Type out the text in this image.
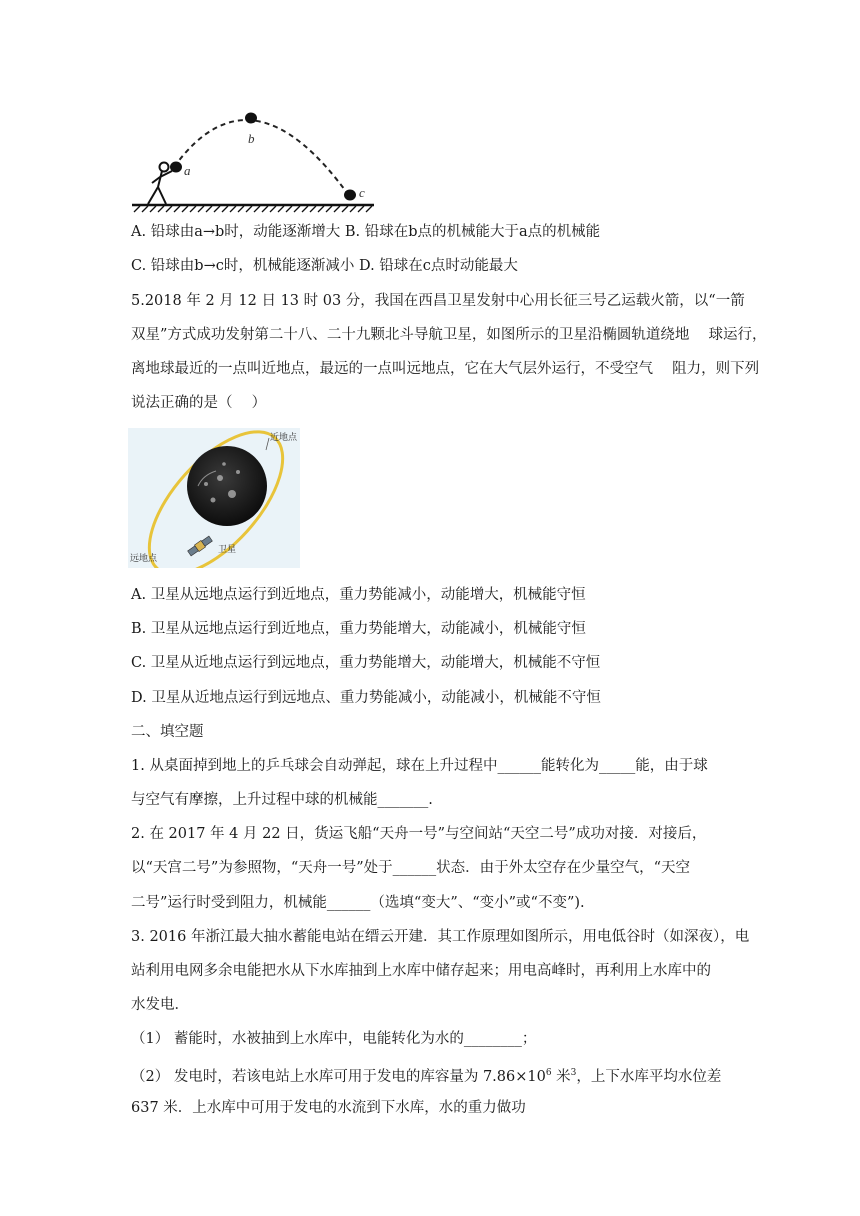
a
b
c
A. 铅球由a→b时，动能逐渐增大 B. 铅球在b点的机械能大于a点的机械能
C. 铅球由b→c时，机械能逐渐减小 D. 铅球在c点时动能最大
5.2018 年 2 月 12 日 13 时 03 分，我国在西昌卫星发射中心用长征三号乙运载火箭，以“一箭
双星”方式成功发射第二十八、二十九颗北斗导航卫星，如图所示的卫星沿椭圆轨道绕地　 球运行，
离地球最近的一点叫近地点，最远的一点叫远地点，它在大气层外运行，不受空气　 阻力，则下列
说法正确的是（　 ）
近地点
远地点
卫星
A. 卫星从远地点运行到近地点，重力势能减小，动能增大，机械能守恒
B. 卫星从远地点运行到近地点，重力势能增大，动能减小，机械能守恒
C. 卫星从近地点运行到远地点，重力势能增大，动能增大，机械能不守恒
D. 卫星从近地点运行到远地点、重力势能减小，动能减小，机械能不守恒
二、填空题
1. 从桌面掉到地上的乒乓球会自动弹起，球在上升过程中______能转化为_____能，由于球
与空气有摩擦，上升过程中球的机械能_______.
2. 在 2017 年 4 月 22 日，货运飞船“天舟一号”与空间站“天空二号”成功对接．对接后，
以“天宫二号”为参照物，“天舟一号”处于______状态．由于外太空存在少量空气，“天空
二号”运行时受到阻力，机械能______（选填“变大”、“变小”或“不变”).
3. 2016 年浙江最大抽水蓄能电站在缙云开建．其工作原理如图所示，用电低谷时（如深夜），电
站利用电网多余电能把水从下水库抽到上水库中储存起来；用电高峰时，再利用上水库中的
水发电．
（1） 蓄能时，水被抽到上水库中，电能转化为水的________；
（2） 发电时，若该电站上水库可用于发电的库容量为 $7.86\times 10^6$ 米$^3$，上下水库平均水位差
637 米．上水库中可用于发电的水流到下水库，水的重力做功
